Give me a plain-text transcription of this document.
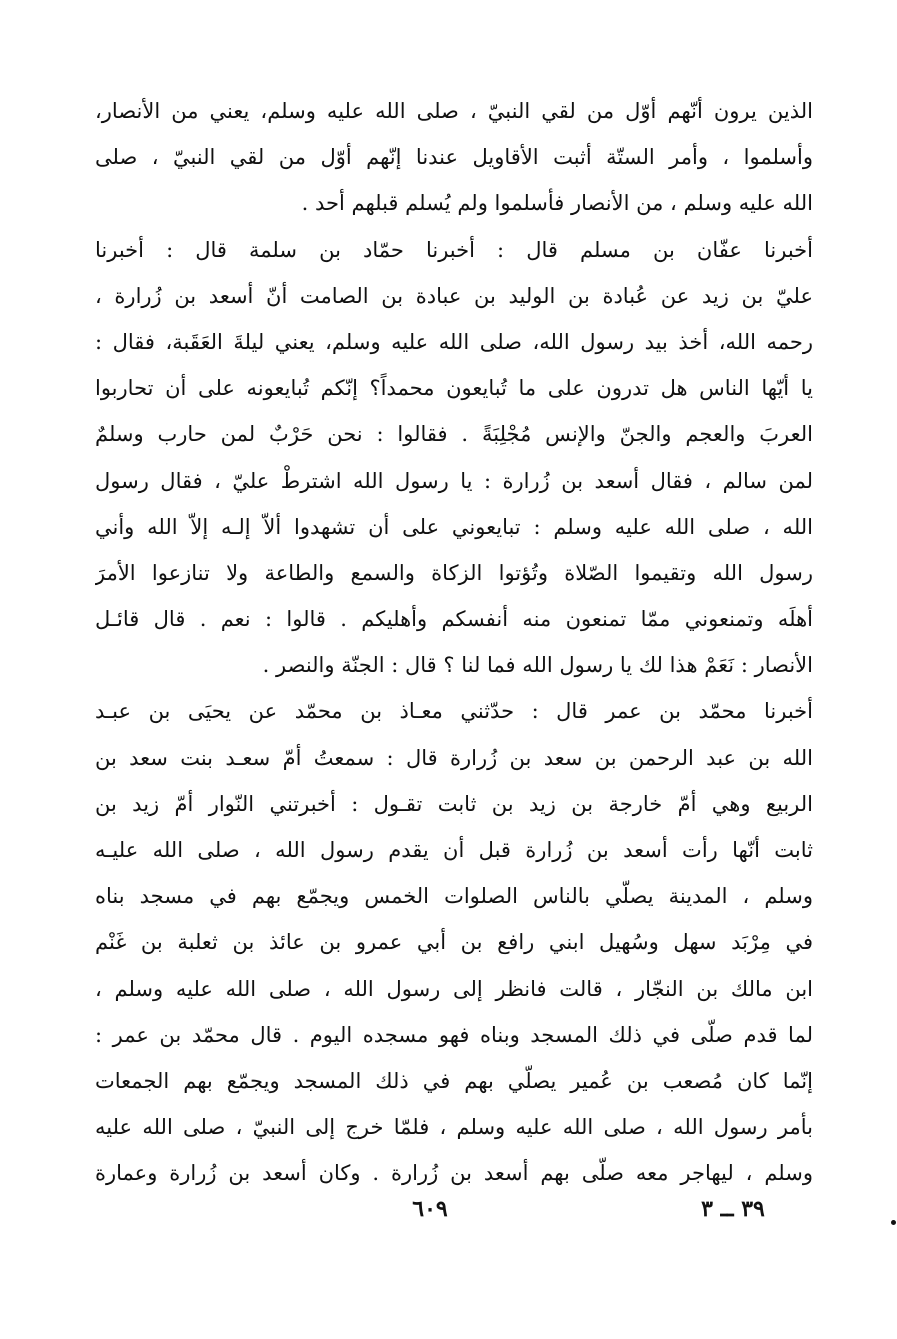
الذين يرون أنّهم أوّل من لقي النبيّ ، صلى الله عليه وسلم، يعني من الأنصار،
وأسلموا ، وأمر الستّة أثبت الأقاويل عندنا إنّهم أوّل من لقي النبيّ ، صلى
الله عليه وسلم ، من الأنصار فأسلموا ولم يُسلم قبلهم أحد .
أخبرنا عفّان بن مسلم قال : أخبرنا حمّاد بن سلمة قال : أخبرنا
عليّ بن زيد عن عُبادة بن الوليد بن عبادة بن الصامت أنّ أسعد بن زُرارة ،
رحمه الله، أخذ بيد رسول الله، صلى الله عليه وسلم، يعني ليلةَ العَقَبة، فقال :
يا أيّها الناس هل تدرون على ما تُبايعون محمداً؟ إنّكم تُبايعونه على أن تحاربوا
العربَ والعجم والجنّ والإنس مُجْلِبَةً . فقالوا : نحن حَرْبٌ لمن حارب وسلمٌ
لمن سالم ، فقال أسعد بن زُرارة : يا رسول الله اشترطْ عليّ ، فقال رسول
الله ، صلى الله عليه وسلم : تبايعوني على أن تشهدوا ألاّ إلـه إلاّ الله وأني
رسول الله وتقيموا الصّلاة وتُؤتوا الزكاة والسمع والطاعة ولا تنازعوا الأمرَ
أهلَه وتمنعوني ممّا تمنعون منه أنفسكم وأهليكم . قالوا : نعم . قال قائـل
الأنصار : نَعَمْ هذا لك يا رسول الله فما لنا ؟ قال : الجنّة والنصر .
أخبرنا محمّد بن عمر قال : حدّثني معـاذ بن محمّد عن يحيَى بن عبـد
الله بن عبد الرحمن بن سعد بن زُرارة قال : سمعتُ أمّ سعـد بنت سعد بن
الربيع وهي أمّ خارجة بن زيد بن ثابت تقـول : أخبرتني النّوار أمّ زيد بن
ثابت أنّها رأت أسعد بن زُرارة قبل أن يقدم رسول الله ، صلى الله عليـه
وسلم ، المدينة يصلّي بالناس الصلوات الخمس ويجمّع بهم في مسجد بناه
في مِرْبَد سهل وسُهيل ابني رافع بن أبي عمرو بن عائذ بن ثعلبة بن غَنْم
ابن مالك بن النجّار ، قالت فانظر إلى رسول الله ، صلى الله عليه وسلم ،
لما قدم صلّى في ذلك المسجد وبناه فهو مسجده اليوم . قال محمّد بن عمر :
إنّما كان مُصعب بن عُمير يصلّي بهم في ذلك المسجد ويجمّع بهم الجمعات
بأمر رسول الله ، صلى الله عليه وسلم ، فلمّا خرج إلى النبيّ ، صلى الله عليه
وسلم ، ليهاجر معه صلّى بهم أسعد بن زُرارة . وكان أسعد بن زُرارة وعمارة
٣٩ ــ ٣
٦٠٩
